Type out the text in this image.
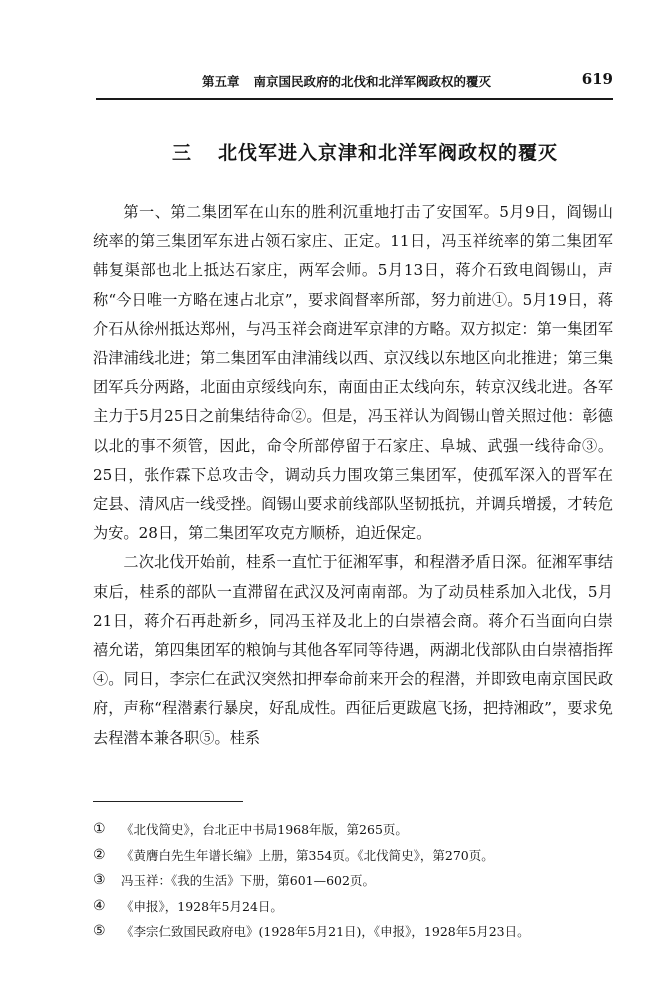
第五章 南京国民政府的北伐和北洋军阀政权的覆灭	619
三 北伐军进入京津和北洋军阀政权的覆灭

第一、第二集团军在山东的胜利沉重地打击了安国军。5月9日，阎锡山统率的第三集团军东进占领石家庄、正定。11日，冯玉祥统率的第二集团军韩复渠部也北上抵达石家庄，两军会师。5月13日，蒋介石致电阎锡山，声称“今日唯一方略在速占北京”，要求阎督率所部，努力前进①。5月19日，蒋介石从徐州抵达郑州，与冯玉祥会商进军京津的方略。双方拟定：第一集团军沿津浦线北进；第二集团军由津浦线以西、京汉线以东地区向北推进；第三集团军兵分两路，北面由京绥线向东，南面由正太线向东，转京汉线北进。各军主力于5月25日之前集结待命②。但是，冯玉祥认为阎锡山曾关照过他：彰德以北的事不须管，因此，命令所部停留于石家庄、阜城、武强一线待命③。25日，张作霖下总攻击令，调动兵力围攻第三集团军，使孤军深入的晋军在定县、清风店一线受挫。阎锡山要求前线部队坚韧抵抗，并调兵增援，才转危为安。28日，第二集团军攻克方顺桥，迫近保定。

二次北伐开始前，桂系一直忙于征湘军事，和程潜矛盾日深。征湘军事结束后，桂系的部队一直滞留在武汉及河南南部。为了动员桂系加入北伐，5月21日，蒋介石再赴新乡，同冯玉祥及北上的白崇禧会商。蒋介石当面向白崇禧允诺，第四集团军的粮饷与其他各军同等待遇，两湖北伐部队由白崇禧指挥④。同日，李宗仁在武汉突然扣押奉命前来开会的程潜，并即致电南京国民政府，声称“程潜素行暴戾，好乱成性。西征后更跋扈飞扬，把持湘政”，要求免去程潜本兼各职⑤。桂系

①	《北伐简史》，台北正中书局1968年版，第265页。
②	《黄膺白先生年谱长编》上册，第354页。《北伐简史》，第270页。
③	冯玉祥：《我的生活》下册，第601—602页。
④	《申报》，1928年5月24日。
⑤	《李宗仁致国民政府电》(1928年5月21日)，《申报》，1928年5月23日。
